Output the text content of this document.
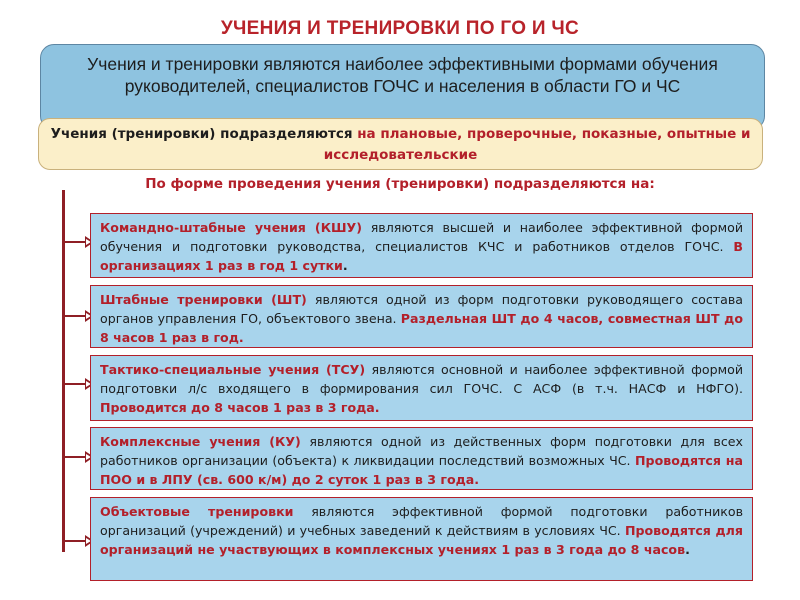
УЧЕНИЯ И ТРЕНИРОВКИ ПО ГО И ЧС
Учения и тренировки являются наиболее эффективными формами обучения руководителей, специалистов ГОЧС и населения в области ГО и ЧС
Учения (тренировки) подразделяются на плановые, проверочные, показные, опытные и исследовательские
По форме проведения учения (тренировки) подразделяются на:
Командно-штабные учения (КШУ) являются высшей и наиболее эффективной формой обучения и подготовки руководства, специалистов КЧС и работников отделов ГОЧС. В организациях 1 раз в год 1 сутки.
Штабные тренировки (ШТ) являются одной из форм подготовки руководящего состава органов управления ГО, объектового звена. Раздельная ШТ до 4 часов, совместная ШТ до 8 часов 1 раз в год.
Тактико-специальные учения (ТСУ) являются основной и наиболее эффективной формой подготовки л/с входящего в формирования сил ГОЧС. С АСФ (в т.ч. НАСФ и НФГО). Проводится до 8 часов 1 раз в 3 года.
Комплексные учения (КУ) являются одной из действенных форм подготовки для всех работников организации (объекта) к ликвидации последствий возможных ЧС. Проводятся на ПОО и в ЛПУ (св. 600 к/м) до 2 суток 1 раз в 3 года.
Объектовые тренировки являются эффективной формой подготовки работников организаций (учреждений) и учебных заведений к действиям в условиях ЧС. Проводятся для организаций не участвующих в комплексных учениях 1 раз в 3 года до 8 часов.
